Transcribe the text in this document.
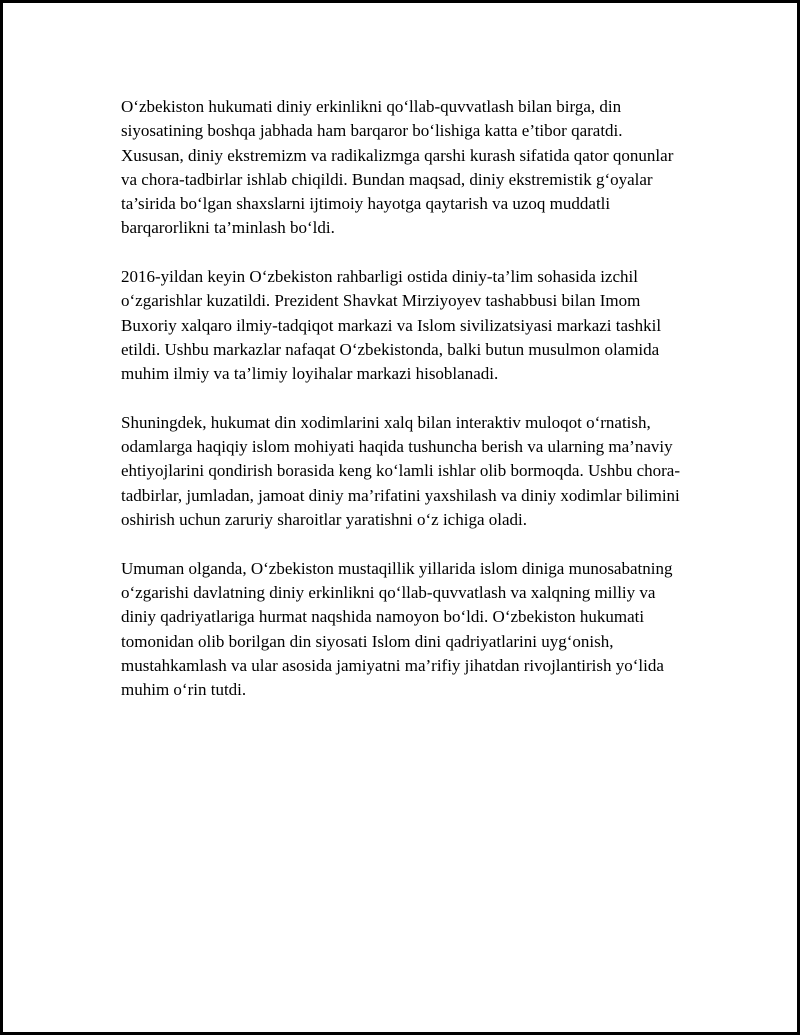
O‘zbekiston hukumati diniy erkinlikni qo‘llab-quvvatlash bilan birga, din siyosatining boshqa jabhada ham barqaror bo‘lishiga katta e’tibor qaratdi. Xususan, diniy ekstremizm va radikalizmga qarshi kurash sifatida qator qonunlar va chora-tadbirlar ishlab chiqildi. Bundan maqsad, diniy ekstremistik g‘oyalar ta’sirida bo‘lgan shaxslarni ijtimoiy hayotga qaytarish va uzoq muddatli barqarorlikni ta’minlash bo‘ldi.

2016-yildan keyin O‘zbekiston rahbarligi ostida diniy-ta’lim sohasida izchil o‘zgarishlar kuzatildi. Prezident Shavkat Mirziyoyev tashabbusi bilan Imom Buxoriy xalqaro ilmiy-tadqiqot markazi va Islom sivilizatsiyasi markazi tashkil etildi. Ushbu markazlar nafaqat O‘zbekistonda, balki butun musulmon olamida muhim ilmiy va ta’limiy loyihalar markazi hisoblanadi.

Shuningdek, hukumat din xodimlarini xalq bilan interaktiv muloqot o‘rnatish, odamlarga haqiqiy islom mohiyati haqida tushuncha berish va ularning ma’naviy ehtiyojlarini qondirish borasida keng ko‘lamli ishlar olib bormoqda. Ushbu chora-tadbirlar, jumladan, jamoat diniy ma’rifatini yaxshilash va diniy xodimlar bilimini oshirish uchun zaruriy sharoitlar yaratishni o‘z ichiga oladi.

Umuman olganda, O‘zbekiston mustaqillik yillarida islom diniga munosabatning o‘zgarishi davlatning diniy erkinlikni qo‘llab-quvvatlash va xalqning milliy va diniy qadriyatlariga hurmat naqshida namoyon bo‘ldi. O‘zbekiston hukumati tomonidan olib borilgan din siyosati Islom dini qadriyatlarini uyg‘onish, mustahkamlash va ular asosida jamiyatni ma’rifiy jihatdan rivojlantirish yo‘lida muhim o‘rin tutdi.
